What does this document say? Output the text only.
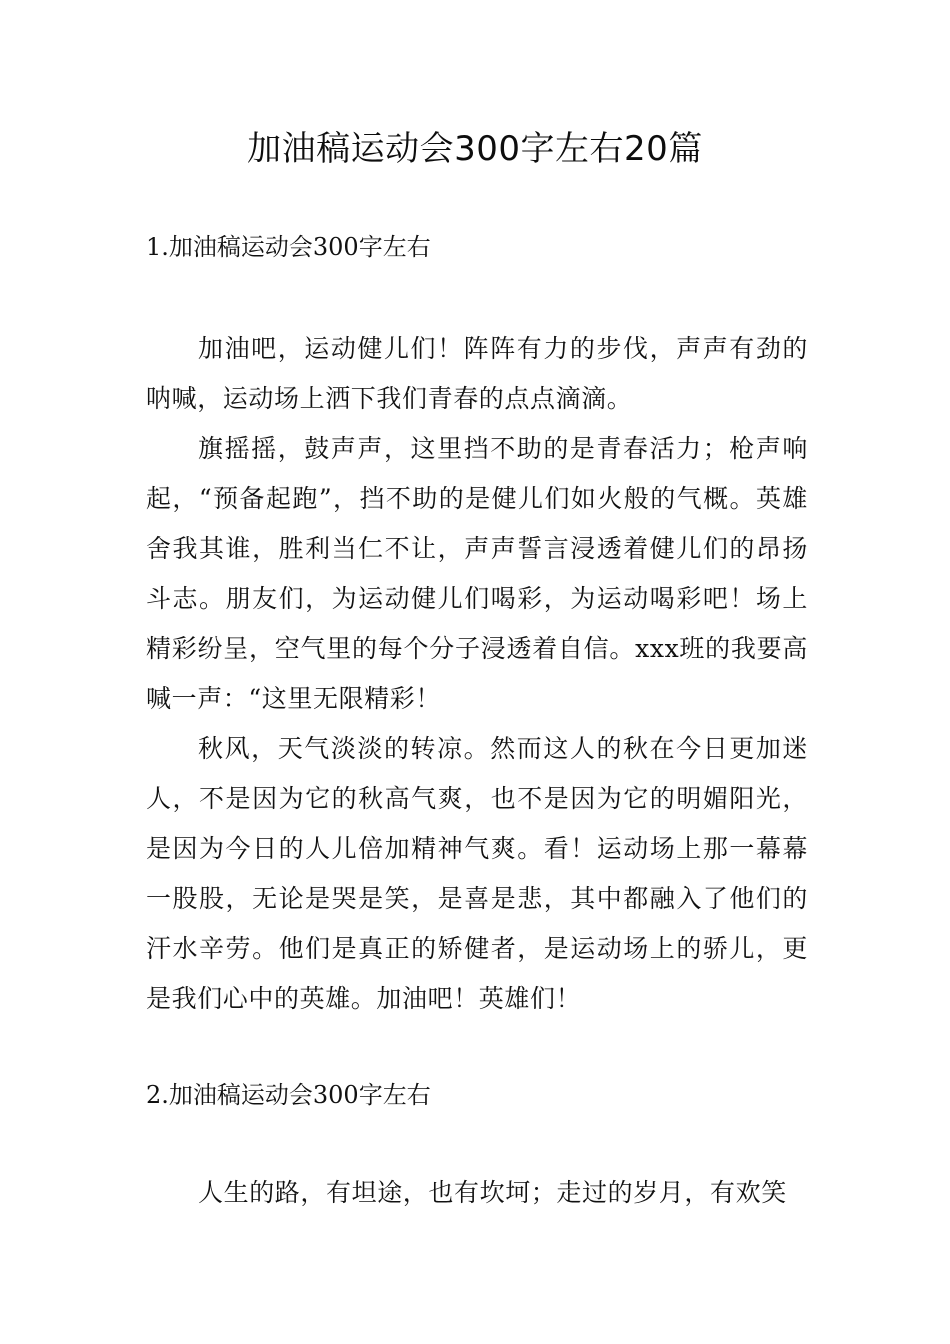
加油稿运动会300字左右20篇
1.加油稿运动会300字左右

加油吧，运动健儿们！阵阵有力的步伐，声声有劲的呐喊，运动场上洒下我们青春的点点滴滴。

旗摇摇，鼓声声，这里挡不助的是青春活力；枪声响起，“预备起跑”，挡不助的是健儿们如火般的气概。英雄舍我其谁，胜利当仁不让，声声誓言浸透着健儿们的昂扬斗志。朋友们，为运动健儿们喝彩，为运动喝彩吧！场上精彩纷呈，空气里的每个分子浸透着自信。xxx班的我要高喊一声：“这里无限精彩！

秋风，天气淡淡的转凉。然而这人的秋在今日更加迷人，不是因为它的秋高气爽，也不是因为它的明媚阳光，是因为今日的人儿倍加精神气爽。看！运动场上那一幕幕一股股，无论是哭是笑，是喜是悲，其中都融入了他们的汗水辛劳。他们是真正的矫健者，是运动场上的骄儿，更是我们心中的英雄。加油吧！英雄们！

2.加油稿运动会300字左右

人生的路，有坦途，也有坎坷；走过的岁月，有欢笑
